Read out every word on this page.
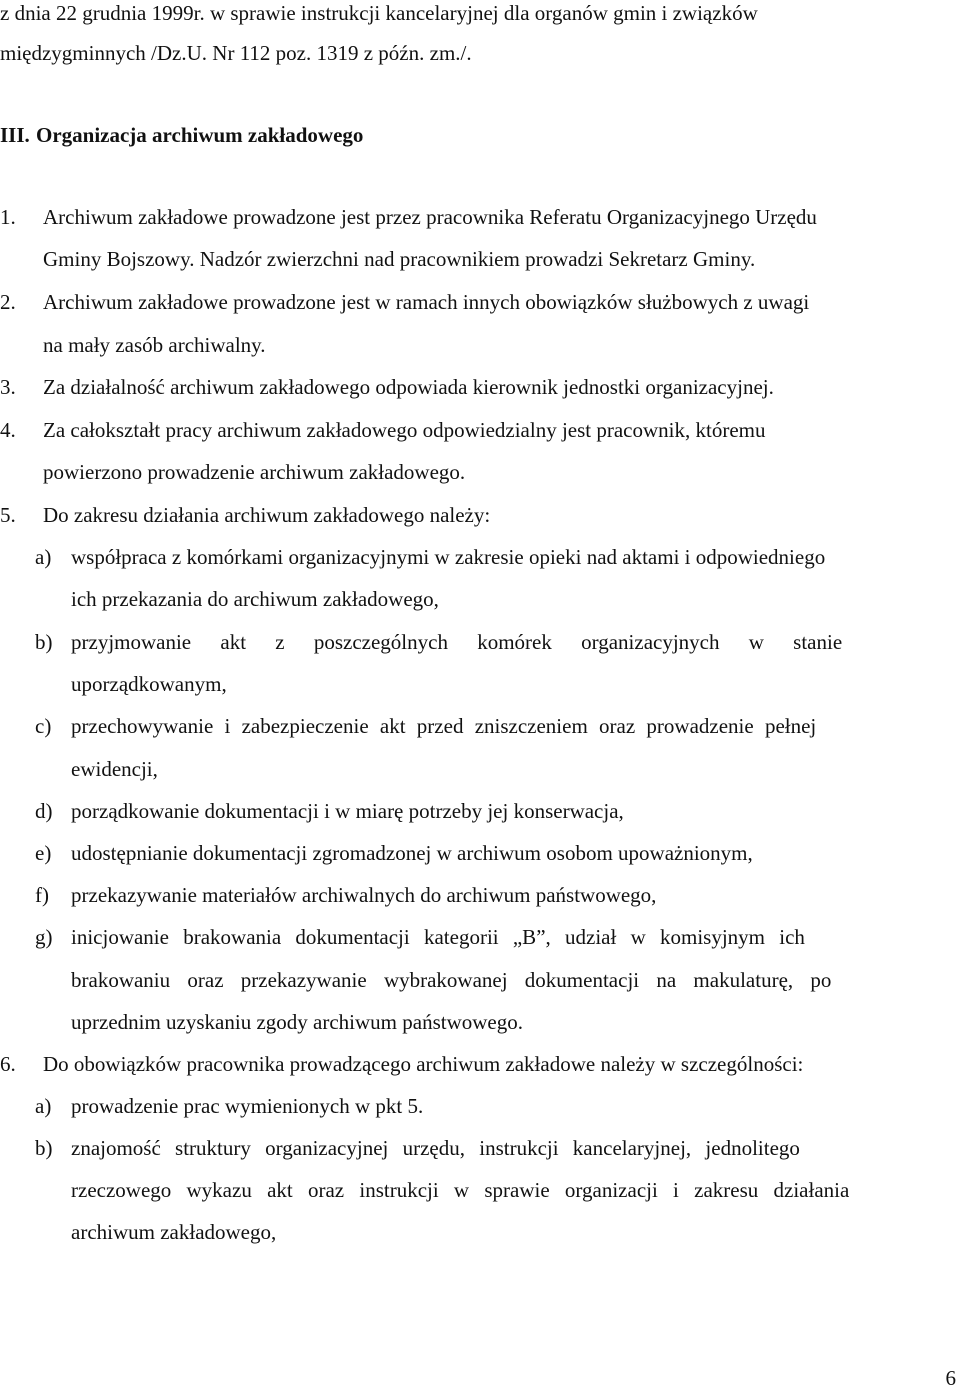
z dnia 22 grudnia 1999r. w sprawie instrukcji kancelaryjnej dla organów gmin i związków
międzygminnych /Dz.U. Nr 112 poz. 1319 z późn. zm./.
III. Organizacja archiwum zakładowego
1. Archiwum zakładowe prowadzone jest przez pracownika Referatu Organizacyjnego Urzędu
Gminy Bojszowy. Nadzór zwierzchni nad pracownikiem prowadzi Sekretarz Gminy.
2. Archiwum zakładowe prowadzone jest w ramach innych obowiązków służbowych z uwagi
na mały zasób archiwalny.
3. Za działalność archiwum zakładowego odpowiada kierownik jednostki organizacyjnej.
4. Za całokształt pracy archiwum zakładowego odpowiedzialny jest pracownik, któremu
powierzono prowadzenie archiwum zakładowego.
5. Do zakresu działania archiwum zakładowego należy:
a) współpraca z komórkami organizacyjnymi w zakresie opieki nad aktami i odpowiedniego
ich przekazania do archiwum zakładowego,
b) przyjmowanie akt z poszczególnych komórek organizacyjnych w stanie
uporządkowanym,
c) przechowywanie i zabezpieczenie akt przed zniszczeniem oraz prowadzenie pełnej
ewidencji,
d) porządkowanie dokumentacji i w miarę potrzeby jej konserwacja,
e) udostępnianie dokumentacji zgromadzonej w archiwum osobom upoważnionym,
f) przekazywanie materiałów archiwalnych do archiwum państwowego,
g) inicjowanie brakowania dokumentacji kategorii „B”, udział w komisyjnym ich
brakowaniu oraz przekazywanie wybrakowanej dokumentacji na makulaturę, po
uprzednim uzyskaniu zgody archiwum państwowego.
6. Do obowiązków pracownika prowadzącego archiwum zakładowe należy w szczególności:
a) prowadzenie prac wymienionych w pkt 5.
b) znajomość struktury organizacyjnej urzędu, instrukcji kancelaryjnej, jednolitego
rzeczowego wykazu akt oraz instrukcji w sprawie organizacji i zakresu działania
archiwum zakładowego,
6
